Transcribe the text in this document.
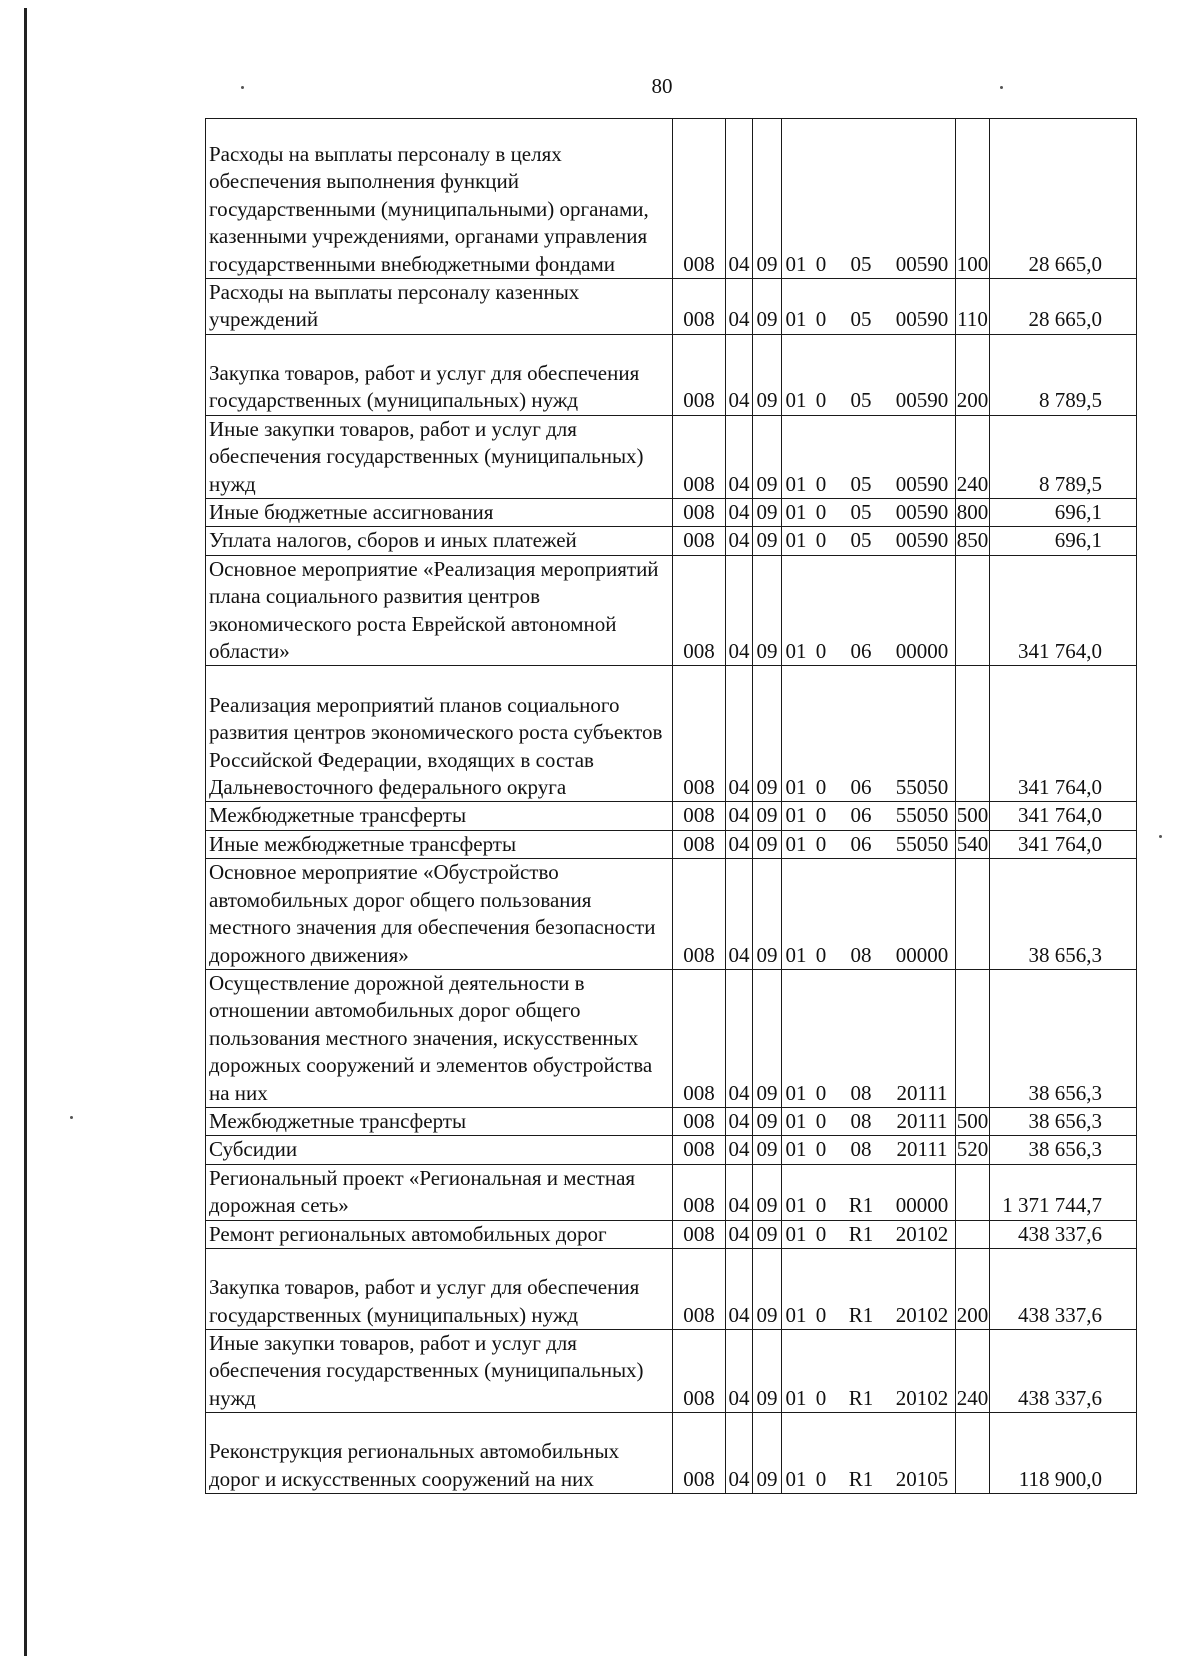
80
Расходы на выплаты персоналу в целях обеспечения выполнения функций государственными (муниципальными) органами, казенными учреждениями, органами управления государственными внебюджетными фондами	008	04	09	01 0 05 00590	100	28 665,0
Расходы на выплаты персоналу казенных учреждений	008	04	09	01 0 05 00590	110	28 665,0
Закупка товаров, работ и услуг для обеспечения государственных (муниципальных) нужд	008	04	09	01 0 05 00590	200	8 789,5
Иные закупки товаров, работ и услуг для обеспечения государственных (муниципальных) нужд	008	04	09	01 0 05 00590	240	8 789,5
Иные бюджетные ассигнования	008	04	09	01 0 05 00590	800	696,1
Уплата налогов, сборов и иных платежей	008	04	09	01 0 05 00590	850	696,1
Основное мероприятие «Реализация мероприятий плана социального развития центров экономического роста Еврейской автономной области»	008	04	09	01 0 06 00000		341 764,0
Реализация мероприятий планов социального развития центров экономического роста субъектов Российской Федерации, входящих в состав Дальневосточного федерального округа	008	04	09	01 0 06 55050		341 764,0
Межбюджетные трансферты	008	04	09	01 0 06 55050	500	341 764,0
Иные межбюджетные трансферты	008	04	09	01 0 06 55050	540	341 764,0
Основное мероприятие «Обустройство автомобильных дорог общего пользования местного значения для обеспечения безопасности дорожного движения»	008	04	09	01 0 08 00000		38 656,3
Осуществление дорожной деятельности в отношении автомобильных дорог общего пользования местного значения, искусственных дорожных сооружений и элементов обустройства на них	008	04	09	01 0 08 20111		38 656,3
Межбюджетные трансферты	008	04	09	01 0 08 20111	500	38 656,3
Субсидии	008	04	09	01 0 08 20111	520	38 656,3
Региональный проект «Региональная и местная дорожная сеть»	008	04	09	01 0 R1 00000		1 371 744,7
Ремонт региональных автомобильных дорог	008	04	09	01 0 R1 20102		438 337,6
Закупка товаров, работ и услуг для обеспечения государственных (муниципальных) нужд	008	04	09	01 0 R1 20102	200	438 337,6
Иные закупки товаров, работ и услуг для обеспечения государственных (муниципальных) нужд	008	04	09	01 0 R1 20102	240	438 337,6
Реконструкция региональных автомобильных дорог и искусственных сооружений на них	008	04	09	01 0 R1 20105		118 900,0
